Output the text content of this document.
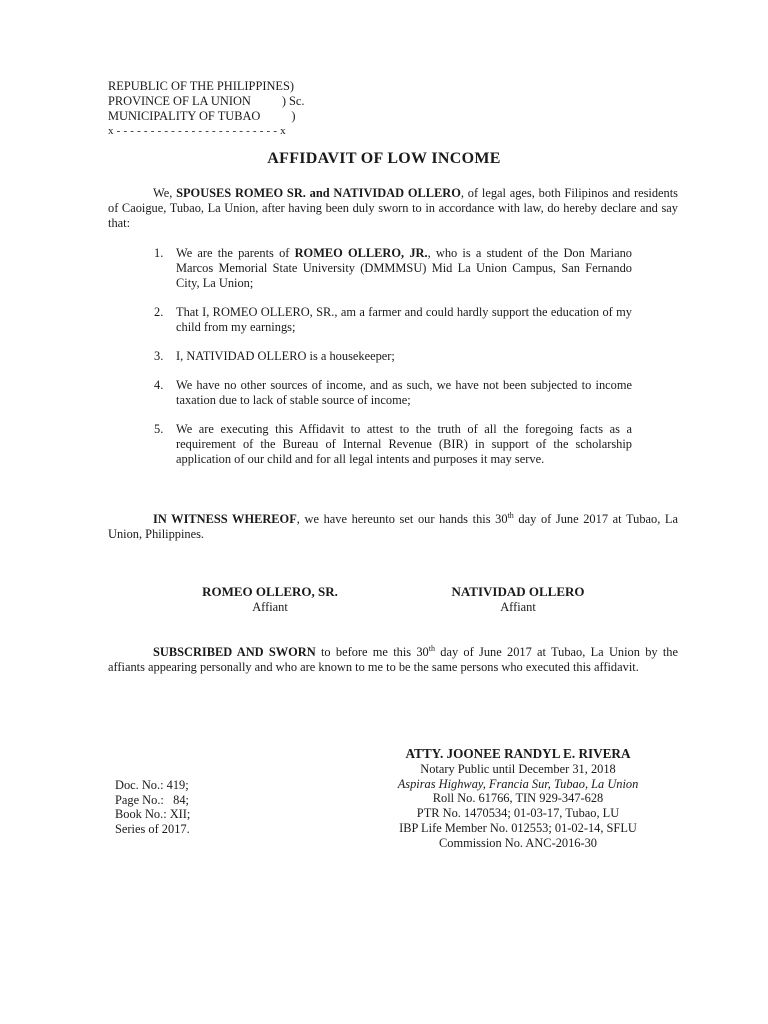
REPUBLIC OF THE PHILIPPINES)
PROVINCE OF LA UNION          ) Sc.
MUNICIPALITY OF TUBAO          )
x - - - - - - - - - - - - - - - - - - - - - - - - x
AFFIDAVIT OF LOW INCOME
We, SPOUSES ROMEO SR. and NATIVIDAD OLLERO, of legal ages, both Filipinos and residents of Caoigue, Tubao, La Union, after having been duly sworn to in accordance with law, do hereby declare and say that:
1. We are the parents of ROMEO OLLERO, JR., who is a student of the Don Mariano Marcos Memorial State University (DMMMSU) Mid La Union Campus, San Fernando City, La Union;
2. That I, ROMEO OLLERO, SR., am a farmer and could hardly support the education of my child from my earnings;
3. I, NATIVIDAD OLLERO is a housekeeper;
4. We have no other sources of income, and as such, we have not been subjected to income taxation due to lack of stable source of income;
5. We are executing this Affidavit to attest to the truth of all the foregoing facts as a requirement of the Bureau of Internal Revenue (BIR) in support of the scholarship application of our child and for all legal intents and purposes it may serve.
IN WITNESS WHEREOF, we have hereunto set our hands this 30th day of June 2017 at Tubao, La Union, Philippines.
ROMEO OLLERO, SR.
Affiant
NATIVIDAD OLLERO
Affiant
SUBSCRIBED AND SWORN to before me this 30th day of June 2017 at Tubao, La Union by the affiants appearing personally and who are known to me to be the same persons who executed this affidavit.
ATTY. JOONEE RANDYL E. RIVERA
Notary Public until December 31, 2018
Aspiras Highway, Francia Sur, Tubao, La Union
Roll No. 61766, TIN 929-347-628
PTR No. 1470534; 01-03-17, Tubao, LU
IBP Life Member No. 012553; 01-02-14, SFLU
Commission No. ANC-2016-30
Doc. No.: 419;
Page No.:   84;
Book No.: XII;
Series of 2017.
